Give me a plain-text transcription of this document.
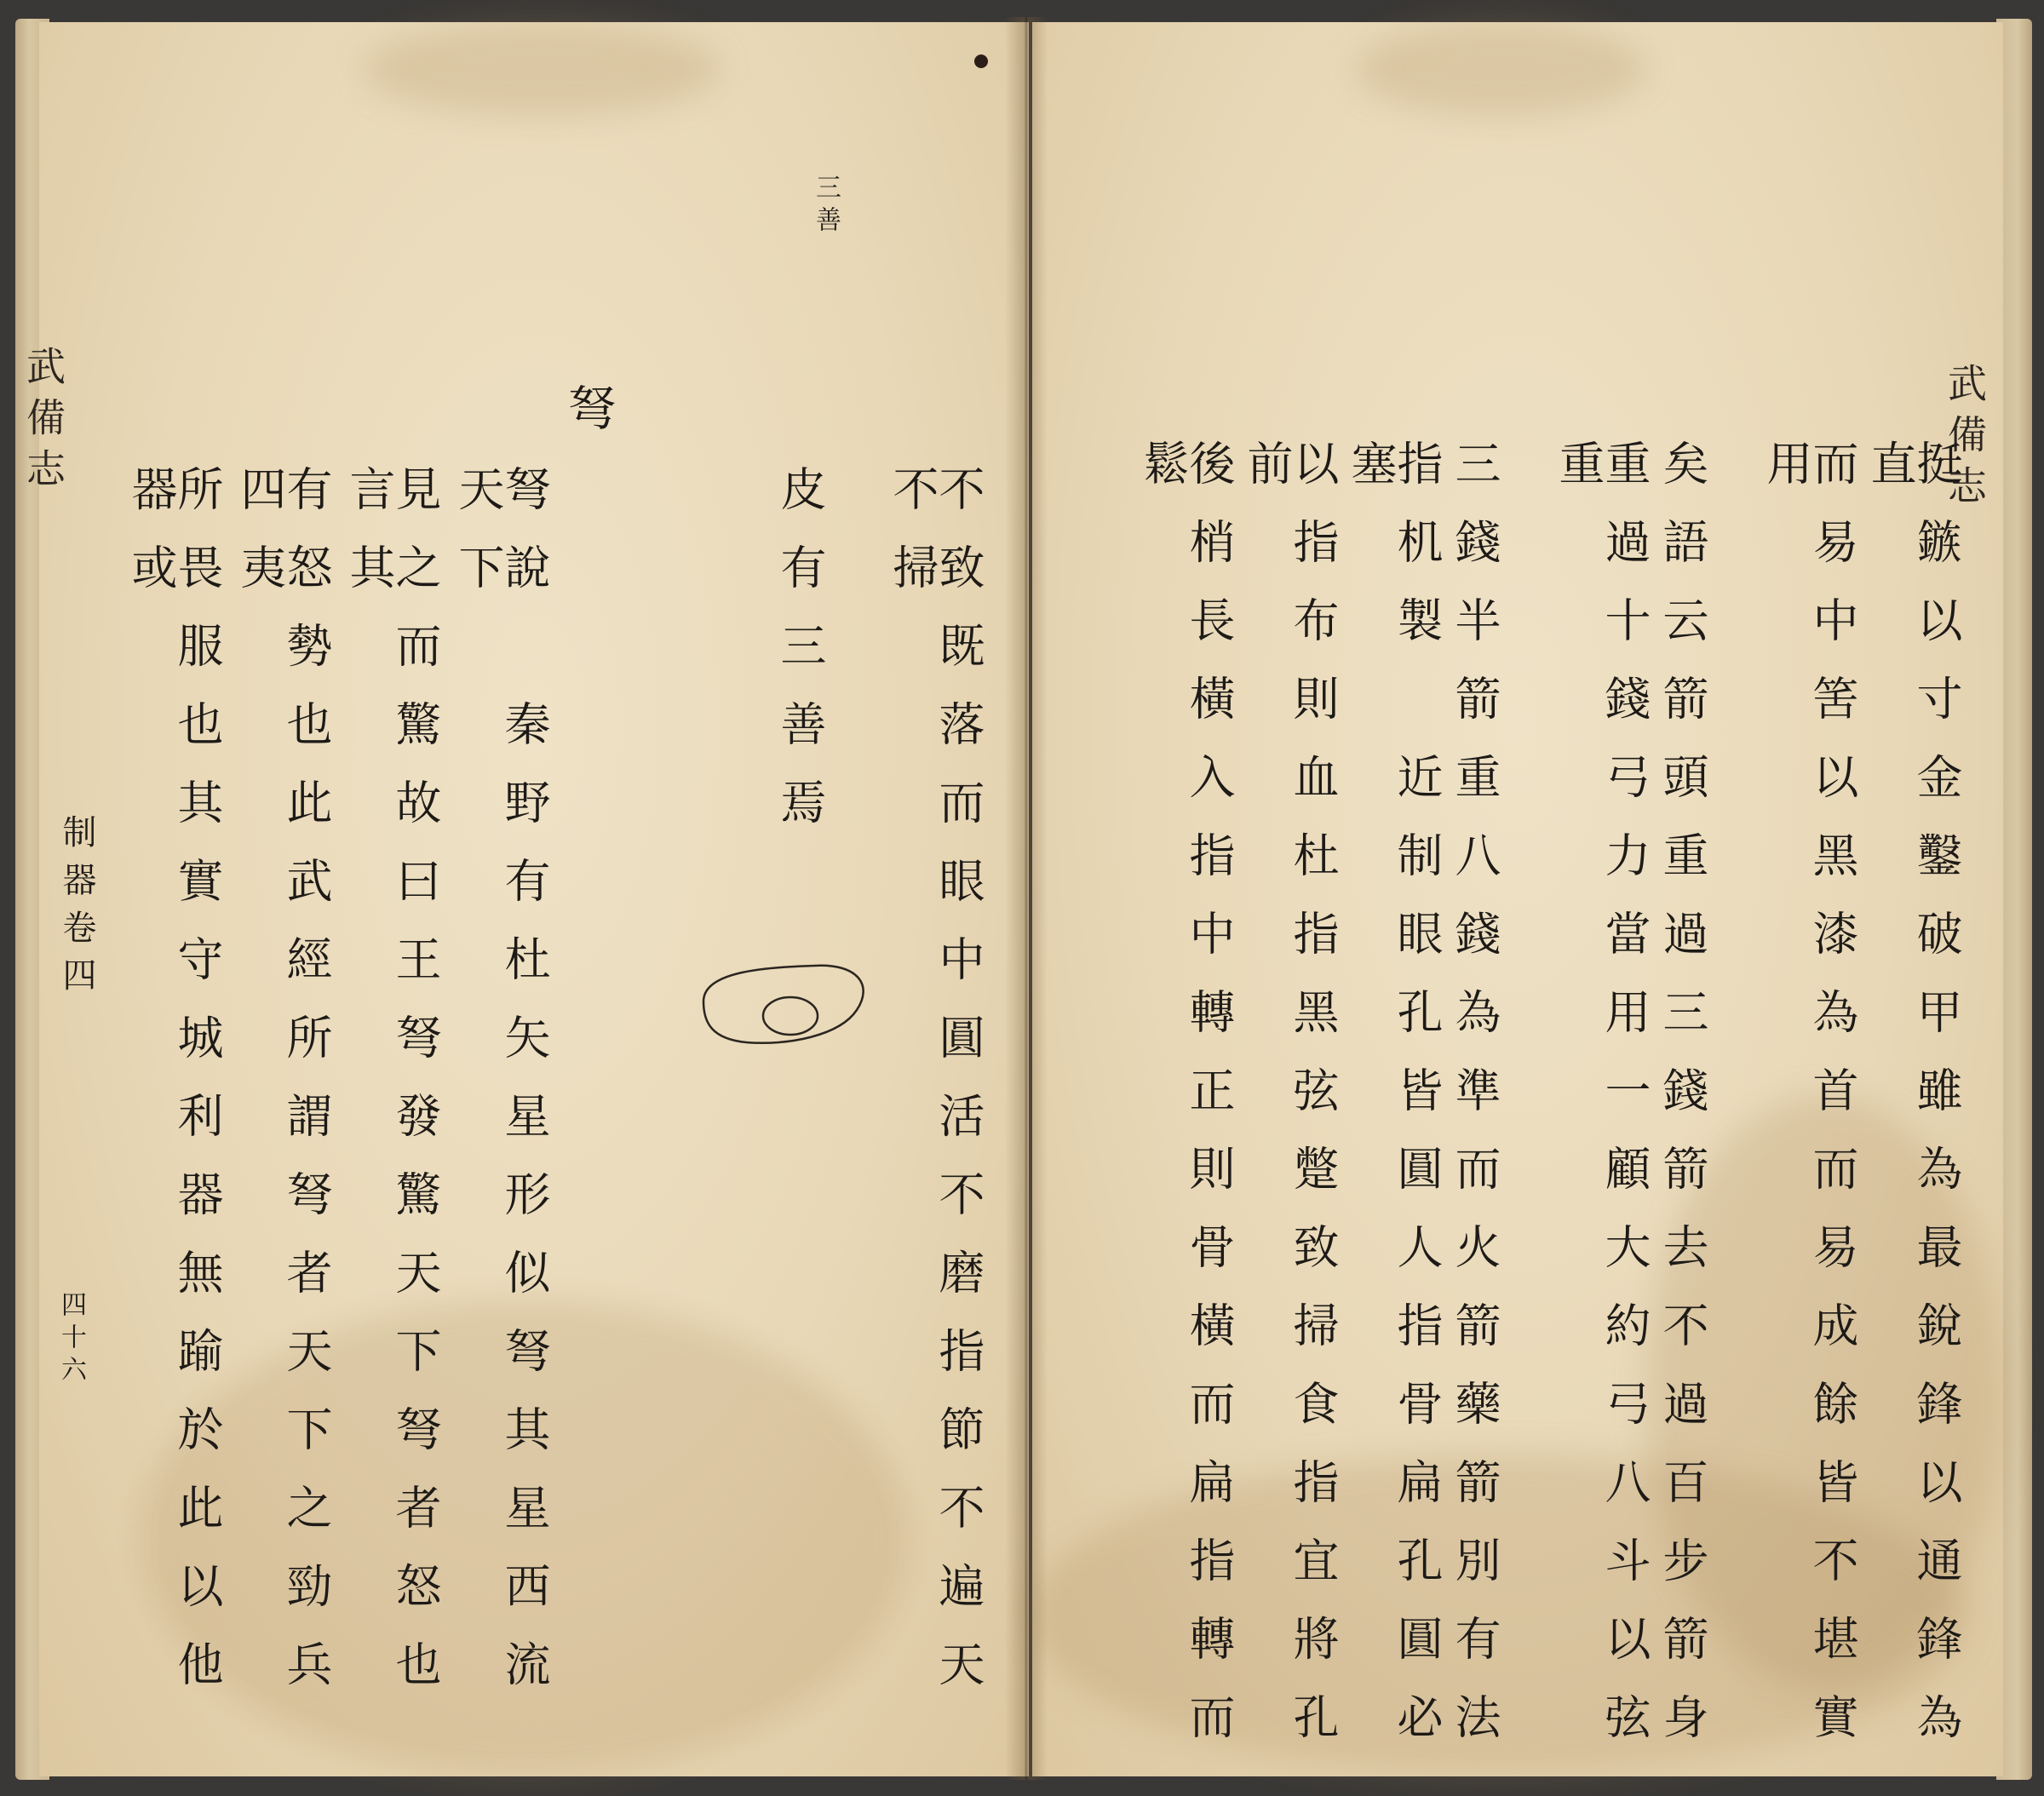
武備志
制器卷四
四十六
三善
弩
不致既落而眼中圓活不磨指節不遍天不掃
皮有三善焉
弩說　秦野有杜矢星形似弩其星西流天下
見之而驚故曰王弩發驚天下弩者怒也言其
有怒勢也此武經所謂弩者天下之勁兵四夷
所畏服也其實守城利器無踰於此以他器或
武備志
挺鏃以寸金鑿破甲雖為最銳鋒以通鋒為直
而易中筈以黑漆為首而易成餘皆不堪實用
矣語云箭頭重過三錢箭去不過百步箭身
重過十錢弓力當用一顧大約弓八斗以弦重
三錢半箭重八錢為準而火箭藥箭別有法
指机製　近制眼孔皆圓人指骨扁孔圓必塞
以指布則血杜指黑弦蹩致掃食指宜將孔前
後梢長橫入指中轉正則骨橫而扁指轉而鬆
